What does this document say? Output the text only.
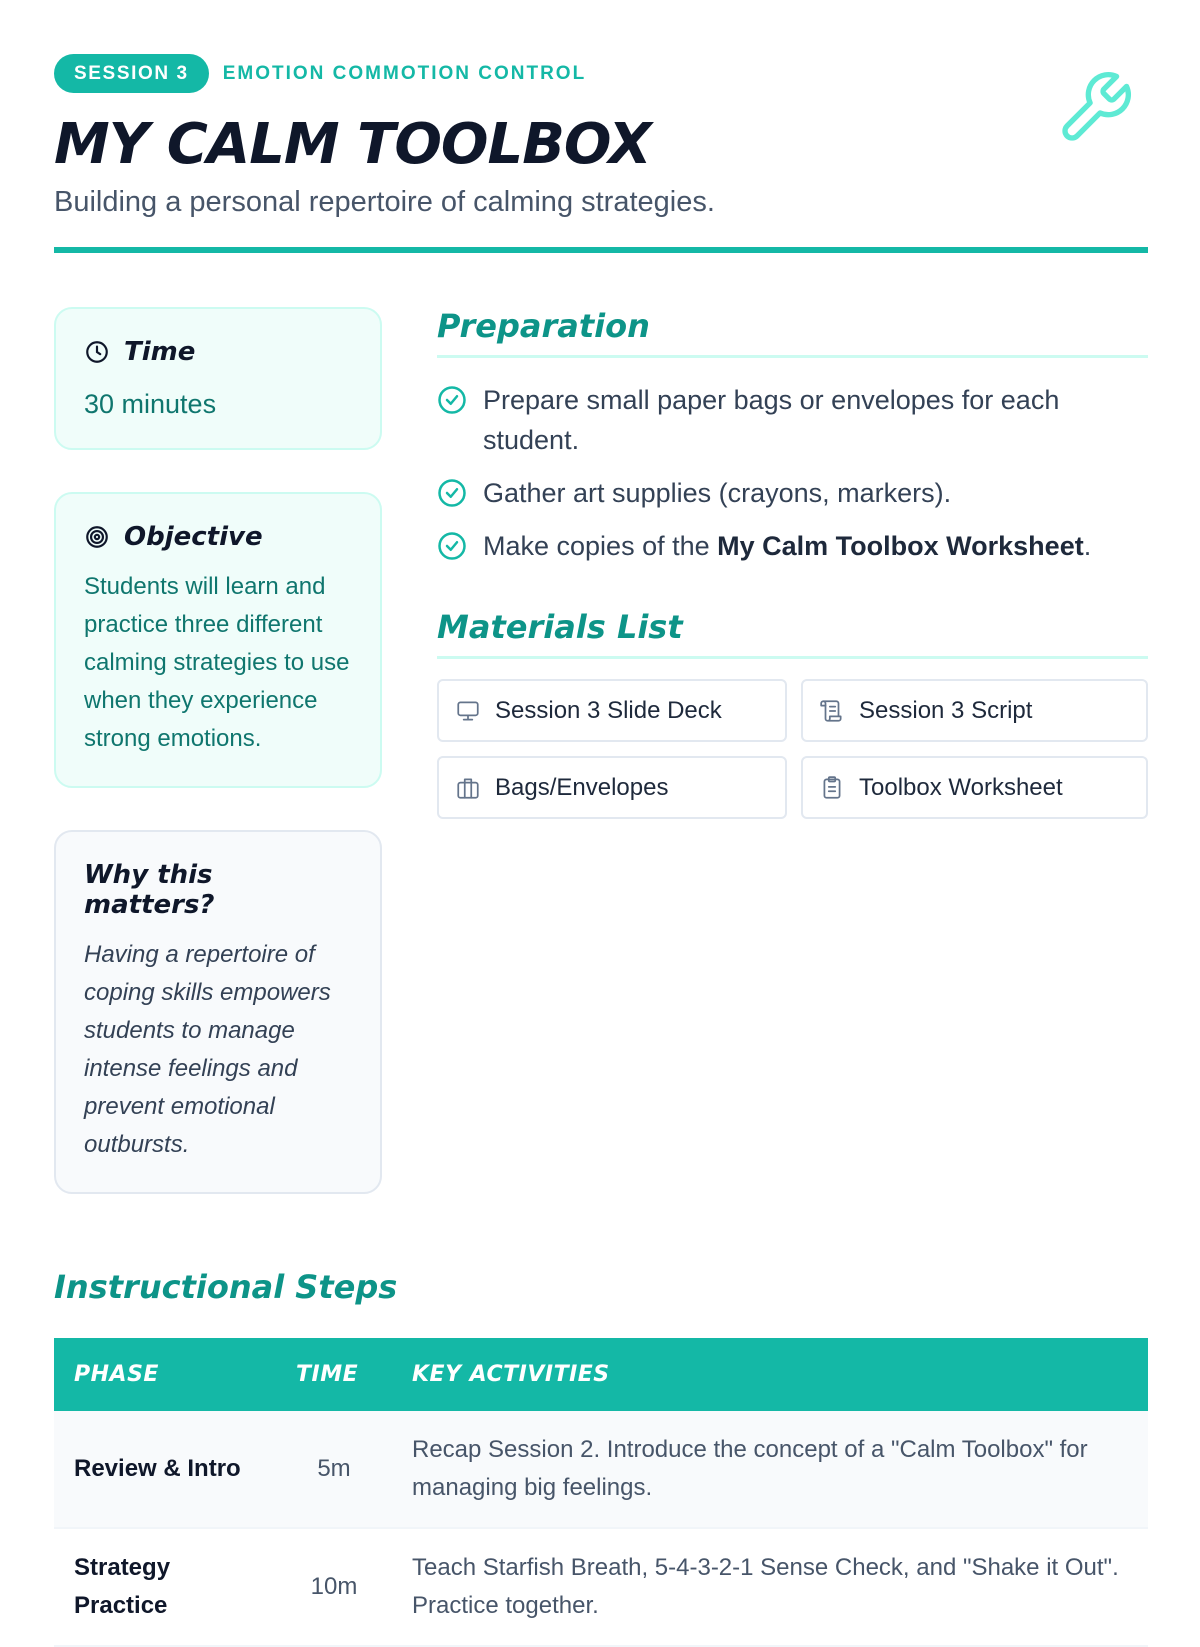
SESSION 3	EMOTION COMMOTION CONTROL
MY CALM TOOLBOX
Building a personal repertoire of calming strategies.
Time
30 minutes
Objective
Students will learn and practice three different calming strategies to use when they experience strong emotions.
Why this matters?
Having a repertoire of coping skills empowers students to manage intense feelings and prevent emotional outbursts.
Preparation
Prepare small paper bags or envelopes for each student.
Gather art supplies (crayons, markers).
Make copies of the My Calm Toolbox Worksheet.
Materials List
Session 3 Slide Deck	Session 3 Script
Bags/Envelopes	Toolbox Worksheet
Instructional Steps
PHASE	TIME	KEY ACTIVITIES
Review & Intro	5m	Recap Session 2. Introduce the concept of a "Calm Toolbox" for managing big feelings.
Strategy Practice	10m	Teach Starfish Breath, 5-4-3-2-1 Sense Check, and "Shake it Out". Practice together.
